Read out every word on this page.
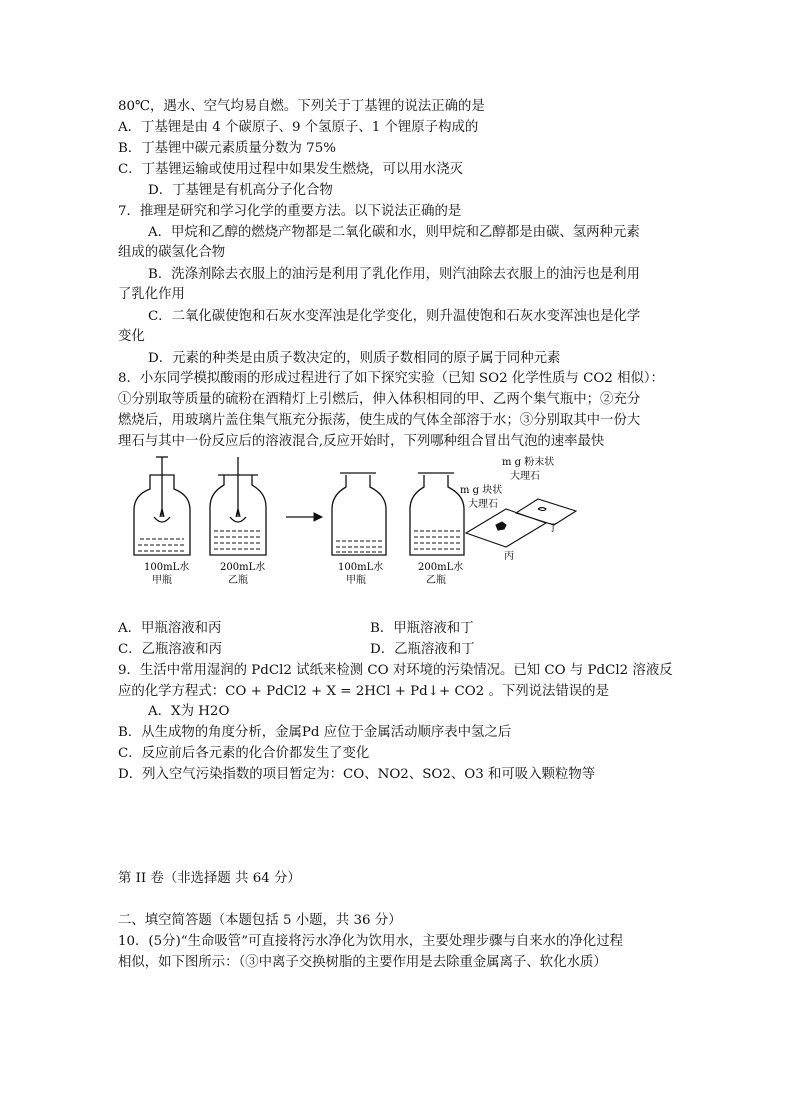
80℃，遇水、空气均易自燃。下列关于丁基锂的说法正确的是
A．丁基锂是由 4 个碳原子、9 个氢原子、1 个锂原子构成的
B．丁基锂中碳元素质量分数为 75%
C．丁基锂运输或使用过程中如果发生燃烧，可以用水浇灭
D．丁基锂是有机高分子化合物
7．推理是研究和学习化学的重要方法。以下说法正确的是
A．甲烷和乙醇的燃烧产物都是二氧化碳和水，则甲烷和乙醇都是由碳、氢两种元素
组成的碳氢化合物
B．洗涤剂除去衣服上的油污是利用了乳化作用，则汽油除去衣服上的油污也是利用
了乳化作用
C．二氧化碳使饱和石灰水变浑浊是化学变化，则升温使饱和石灰水变浑浊也是化学
变化
D．元素的种类是由质子数决定的，则质子数相同的原子属于同种元素
8．小东同学模拟酸雨的形成过程进行了如下探究实验（已知 SO2 化学性质与 CO2 相似）：
①分别取等质量的硫粉在酒精灯上引燃后，伸入体积相同的甲、乙两个集气瓶中；②充分
燃烧后，用玻璃片盖住集气瓶充分振荡，使生成的气体全部溶于水；③分别取其中一份大
理石与其中一份反应后的溶液混合,反应开始时，下列哪种组合冒出气泡的速率最快
100mL水
甲瓶
200mL水
乙瓶
100mL水
甲瓶
200mL水
乙瓶
m g 粉末状
大理石
m g 块状
大理石
丙
丁
A．甲瓶溶液和丙	B．甲瓶溶液和丁
C．乙瓶溶液和丙	D．乙瓶溶液和丁
9．生活中常用湿润的 PdCl2 试纸来检测 CO 对环境的污染情况。已知 CO 与 PdCl2 溶液反
应的化学方程式：CO + PdCl2 + X = 2HCl + Pd↓+ CO2 。下列说法错误的是
A．X为 H2O
B．从生成物的角度分析，金属Pd 应位于金属活动顺序表中氢之后
C．反应前后各元素的化合价都发生了变化
D．列入空气污染指数的项目暂定为：CO、NO2、SO2、O3 和可吸入颗粒物等
第 II 卷（非选择题 共 64 分）
二、填空简答题（本题包括 5 小题，共 36 分）
10．(5分)“生命吸管”可直接将污水净化为饮用水，主要处理步骤与自来水的净化过程
相似，如下图所示：（③中离子交换树脂的主要作用是去除重金属离子、软化水质）
